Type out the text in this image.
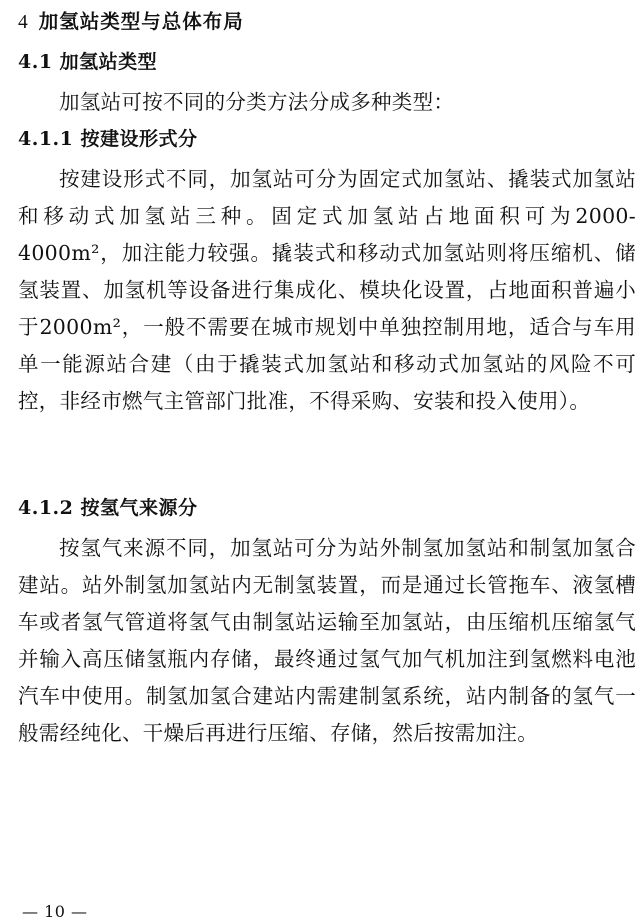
4 加氢站类型与总体布局
4.1 加氢站类型

加氢站可按不同的分类方法分成多种类型：

4.1.1 按建设形式分

按建设形式不同，加氢站可分为固定式加氢站、撬装式加氢站和移动式加氢站三种。固定式加氢站占地面积可为2000-4000m²，加注能力较强。撬装式和移动式加氢站则将压缩机、储氢装置、加氢机等设备进行集成化、模块化设置，占地面积普遍小于2000m²，一般不需要在城市规划中单独控制用地，适合与车用单一能源站合建（由于撬装式加氢站和移动式加氢站的风险不可控，非经市燃气主管部门批准，不得采购、安装和投入使用）。

4.1.2 按氢气来源分

按氢气来源不同，加氢站可分为站外制氢加氢站和制氢加氢合建站。站外制氢加氢站内无制氢装置，而是通过长管拖车、液氢槽车或者氢气管道将氢气由制氢站运输至加氢站，由压缩机压缩氢气并输入高压储氢瓶内存储，最终通过氢气加气机加注到氢燃料电池汽车中使用。制氢加氢合建站内需建制氢系统，站内制备的氢气一般需经纯化、干燥后再进行压缩、存储，然后按需加注。

— 10 —
